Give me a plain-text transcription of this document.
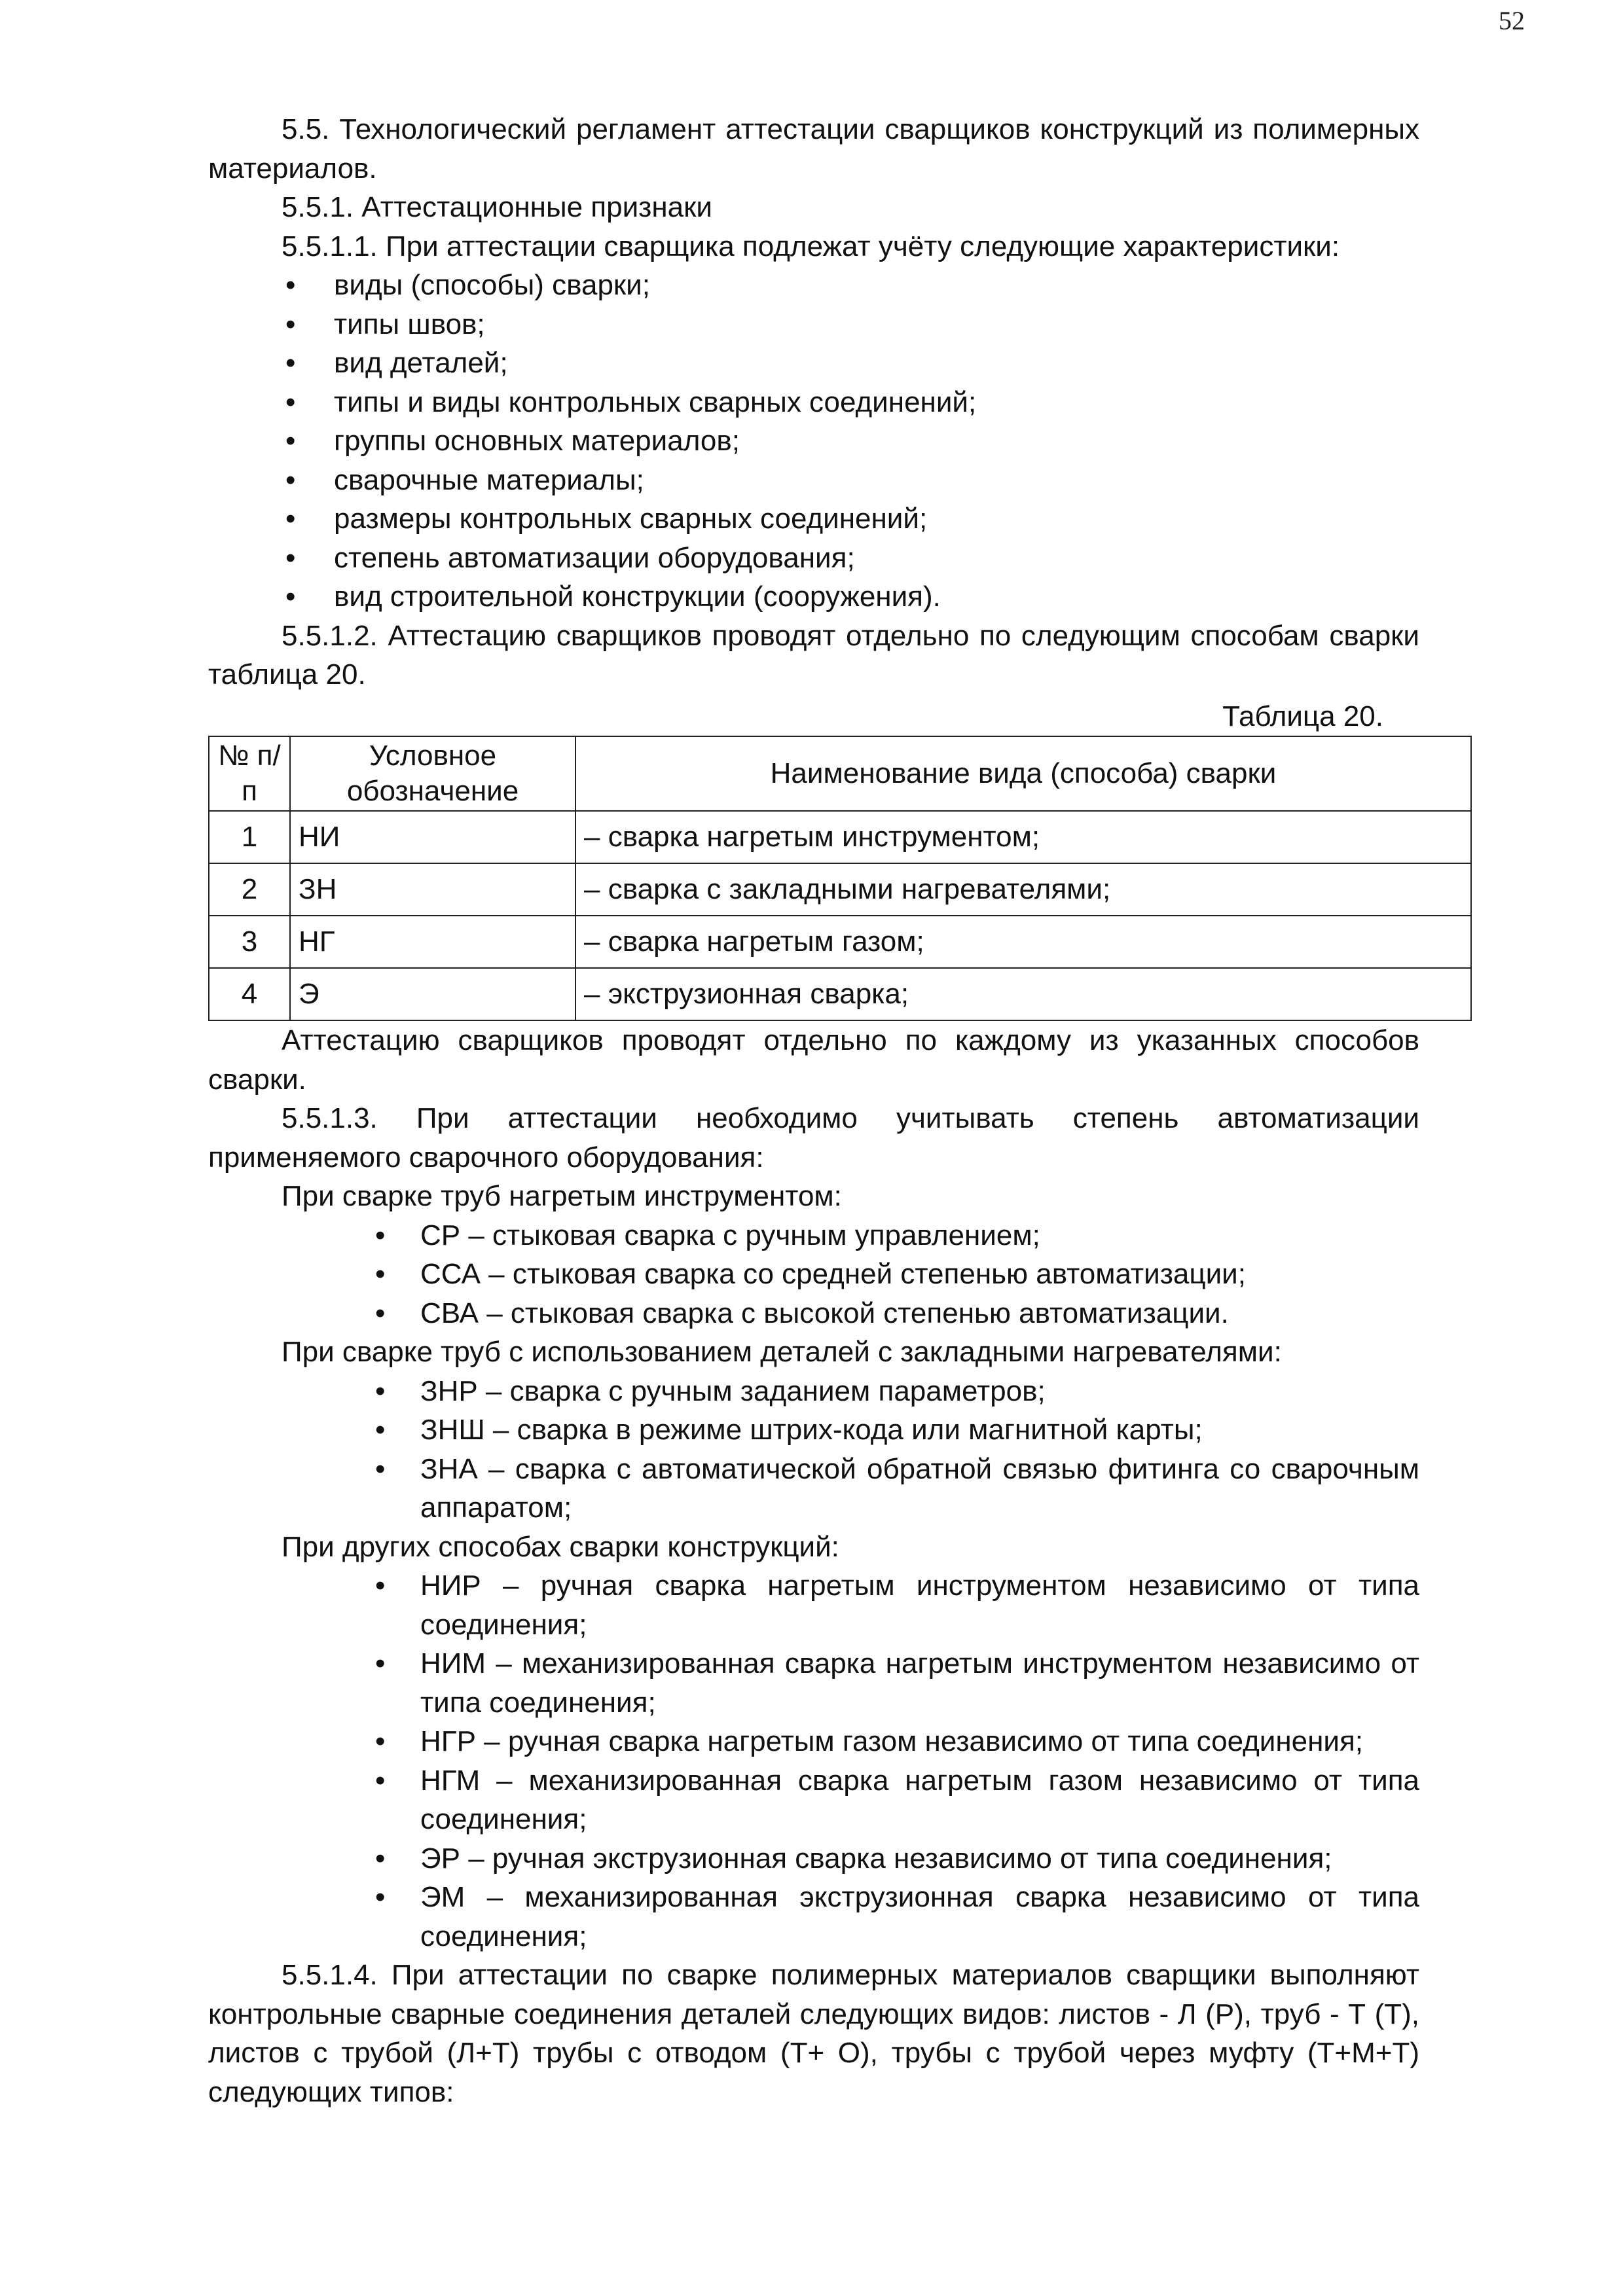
52

5.5. Технологический регламент аттестации сварщиков конструкций из полимерных материалов.

5.5.1. Аттестационные признаки

5.5.1.1. При аттестации сварщика подлежат учёту следующие характеристики:

• виды (способы) сварки;
• типы швов;
• вид деталей;
• типы и виды контрольных сварных соединений;
• группы основных материалов;
• сварочные материалы;
• размеры контрольных сварных соединений;
• степень автоматизации оборудования;
• вид строительной конструкции (сооружения).

5.5.1.2. Аттестацию сварщиков проводят отдельно по следующим способам сварки таблица 20.

Таблица 20.
№ п/п	Условное обозначение	Наименование вида (способа) сварки
1	НИ	– сварка нагретым инструментом;
2	ЗН	– сварка с закладными нагревателями;
3	НГ	– сварка нагретым газом;
4	Э	– экструзионная сварка;

Аттестацию сварщиков проводят отдельно по каждому из указанных способов сварки.

5.5.1.3. При аттестации необходимо учитывать степень автоматизации применяемого сварочного оборудования:

При сварке труб нагретым инструментом:

• СР – стыковая сварка с ручным управлением;
• ССА – стыковая сварка со средней степенью автоматизации;
• СВА – стыковая сварка с высокой степенью автоматизации.

При сварке труб с использованием деталей с закладными нагревателями:

• ЗНР – сварка с ручным заданием параметров;
• ЗНШ – сварка в режиме штрих-кода или магнитной карты;
• ЗНА – сварка с автоматической обратной связью фитинга со сварочным аппаратом;

При других способах сварки конструкций:

• НИР – ручная сварка нагретым инструментом независимо от типа соединения;
• НИМ – механизированная сварка нагретым инструментом независимо от типа соединения;
• НГР – ручная сварка нагретым газом независимо от типа соединения;
• НГМ – механизированная сварка нагретым газом независимо от типа соединения;
• ЭР – ручная экструзионная сварка независимо от типа соединения;
• ЭМ – механизированная экструзионная сварка независимо от типа соединения;

5.5.1.4. При аттестации по сварке полимерных материалов сварщики выполняют контрольные сварные соединения деталей следующих видов: листов - Л (Р), труб - Т (Т), листов с трубой (Л+Т) трубы с отводом (Т+ О), трубы с трубой через муфту (Т+М+Т) следующих типов:
